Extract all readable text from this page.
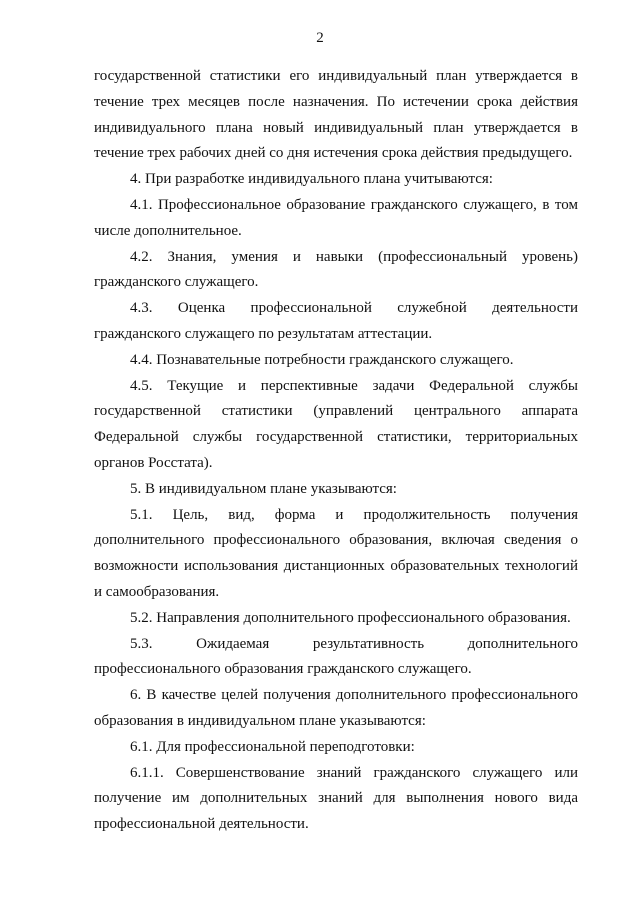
2
государственной статистики его индивидуальный план утверждается в
течение трех месяцев после назначения. По истечении срока действия
индивидуального плана новый индивидуальный план утверждается в
течение трех рабочих дней со дня истечения срока действия предыдущего.
4. При разработке индивидуального плана учитываются:
4.1. Профессиональное образование гражданского служащего, в том
числе дополнительное.
4.2. Знания, умения и навыки (профессиональный уровень)
гражданского служащего.
4.3. Оценка профессиональной служебной деятельности
гражданского служащего по результатам аттестации.
4.4. Познавательные потребности гражданского служащего.
4.5. Текущие и перспективные задачи Федеральной службы
государственной статистики (управлений центрального аппарата
Федеральной службы государственной статистики, территориальных
органов Росстата).
5. В индивидуальном плане указываются:
5.1. Цель, вид, форма и продолжительность получения
дополнительного профессионального образования, включая сведения о
возможности использования дистанционных образовательных технологий
и самообразования.
5.2. Направления дополнительного профессионального образования.
5.3. Ожидаемая результативность дополнительного
профессионального образования гражданского служащего.
6. В качестве целей получения дополнительного профессионального
образования в индивидуальном плане указываются:
6.1. Для профессиональной переподготовки:
6.1.1. Совершенствование знаний гражданского служащего или
получение им дополнительных знаний для выполнения нового вида
профессиональной деятельности.
